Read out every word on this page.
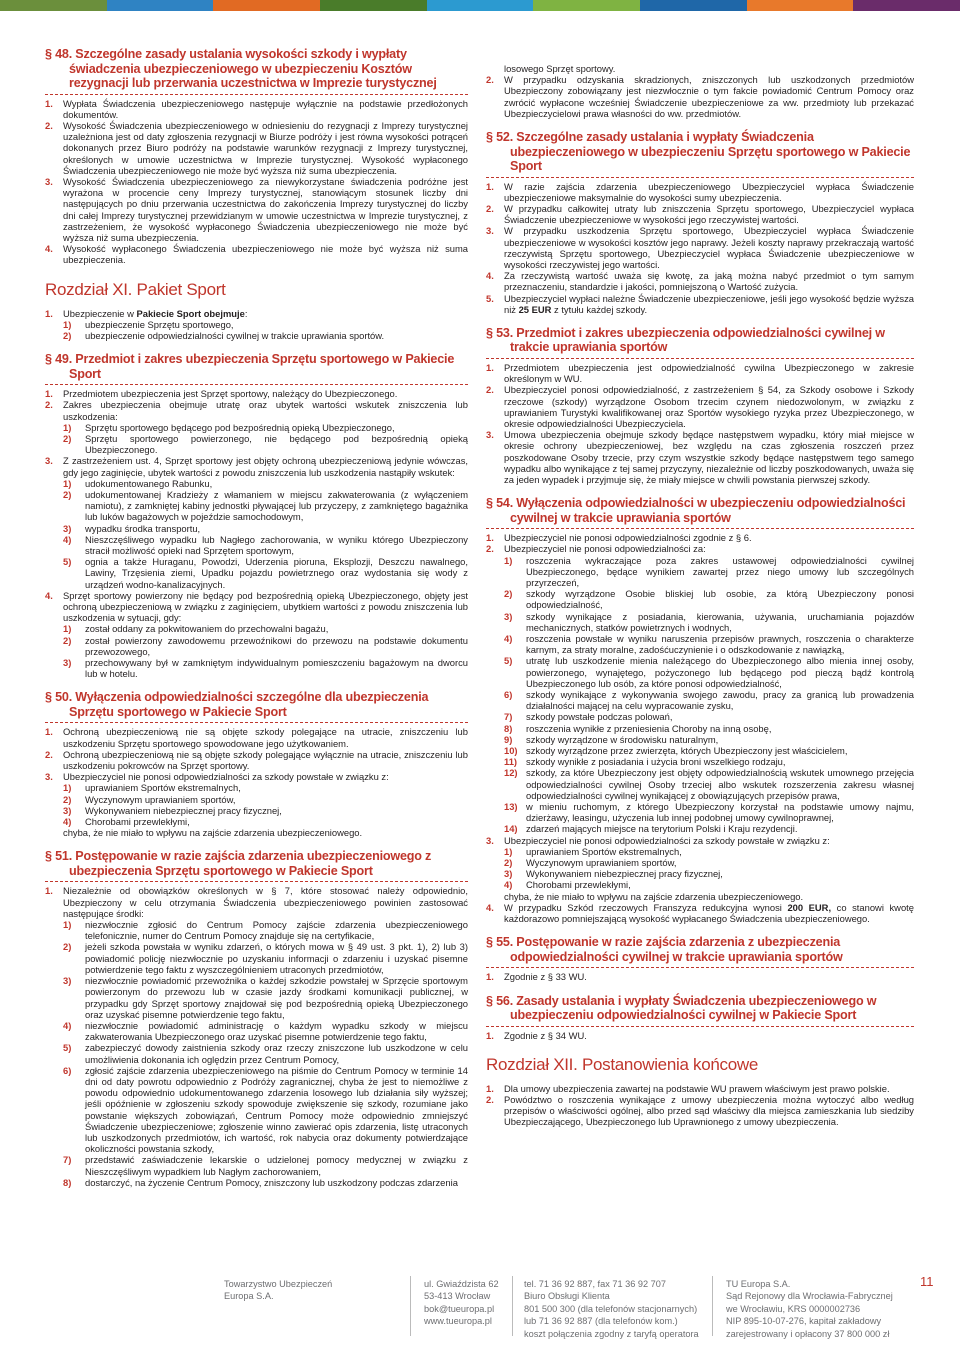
§ 48. Szczególne zasady ustalania wysokości szkody i wypłaty świadczenia ubezpieczeniowego w ubezpieczeniu Kosztów rezygnacji lub przerwania uczestnictwa w Imprezie turystycznej
1.	Wypłata Świadczenia ubezpieczeniowego następuje wyłącznie na podstawie przedłożonych dokumentów.
2.	Wysokość Świadczenia ubezpieczeniowego w odniesieniu do rezygnacji z Imprezy turystycznej uzależniona jest od daty zgłoszenia rezygnacji w Biurze podróży i jest równa wysokości potrąceń dokonanych przez Biuro podróży na podstawie warunków rezygnacji z Imprezy turystycznej, określonych w umowie uczestnictwa w Imprezie turystycznej. Wysokość wypłaconego Świadczenia ubezpieczeniowego nie może być wyższa niż suma ubezpieczenia.
3.	Wysokość Świadczenia ubezpieczeniowego za niewykorzystane świadczenia podróżne jest wyrażona w procencie ceny Imprezy turystycznej, stanowiącym stosunek liczby dni następujących po dniu przerwania uczestnictwa do zakończenia Imprezy turystycznej do liczby dni całej Imprezy turystycznej przewidzianym w umowie uczestnictwa w Imprezie turystycznej, z zastrzeżeniem, że wysokość wypłaconego Świadczenia ubezpieczeniowego nie może być wyższa niż suma ubezpieczenia.
4.	Wysokość wypłaconego Świadczenia ubezpieczeniowego nie może być wyższa niż suma ubezpieczenia.
Rozdział XI. Pakiet Sport
1.	Ubezpieczenie w Pakiecie Sport obejmuje:
1)	ubezpieczenie Sprzętu sportowego,
2)	ubezpieczenie odpowiedzialności cywilnej w trakcie uprawiania sportów.
§ 49. Przedmiot i zakres ubezpieczenia Sprzętu sportowego w Pakiecie Sport
1.	Przedmiotem ubezpieczenia jest Sprzęt sportowy, należący do Ubezpieczonego.
2.	Zakres ubezpieczenia obejmuje utratę oraz ubytek wartości wskutek zniszczenia lub uszkodzenia:
1)	Sprzętu sportowego będącego pod bezpośrednią opieką Ubezpieczonego,
2)	Sprzętu sportowego powierzonego, nie będącego pod bezpośrednią opieką Ubezpieczonego.
3.	Z zastrzeżeniem ust. 4, Sprzęt sportowy jest objęty ochroną ubezpieczeniową jedynie wówczas, gdy jego zaginięcie, ubytek wartości z powodu zniszczenia lub uszkodzenia nastąpiły wskutek:
1)	udokumentowanego Rabunku,
2)	udokumentowanej Kradzieży z włamaniem w miejscu zakwaterowania (z wyłączeniem namiotu), z zamkniętej kabiny jednostki pływającej lub przyczepy, z zamkniętego bagażnika lub luków bagażowych w pojeździe samochodowym,
3)	wypadku środka transportu,
4)	Nieszczęśliwego wypadku lub Nagłego zachorowania, w wyniku którego Ubezpieczony stracił możliwość opieki nad Sprzętem sportowym,
5)	ognia a także Huraganu, Powodzi, Uderzenia pioruna, Eksplozji, Deszczu nawalnego, Lawiny, Trzęsienia ziemi, Upadku pojazdu powietrznego oraz wydostania się wody z urządzeń wodno-kanalizacyjnych.
4.	Sprzęt sportowy powierzony nie będący pod bezpośrednią opieką Ubezpieczonego, objęty jest ochroną ubezpieczeniową w związku z zaginięciem, ubytkiem wartości z powodu zniszczenia lub uszkodzenia w sytuacji, gdy:
1)	został oddany za pokwitowaniem do przechowalni bagażu,
2)	został powierzony zawodowemu przewoźnikowi do przewozu na podstawie dokumentu przewozowego,
3)	przechowywany był w zamkniętym indywidualnym pomieszczeniu bagażowym na dworcu lub w hotelu.
§ 50. Wyłączenia odpowiedzialności szczególne dla ubezpieczenia Sprzętu sportowego w Pakiecie Sport
1.	Ochroną ubezpieczeniową nie są objęte szkody polegające na utracie, zniszczeniu lub uszkodzeniu Sprzętu sportowego spowodowane jego użytkowaniem.
2.	Ochroną ubezpieczeniową nie są objęte szkody polegające wyłącznie na utracie, zniszczeniu lub uszkodzeniu pokrowców na Sprzęt sportowy.
3.	Ubezpieczyciel nie ponosi odpowiedzialności za szkody powstałe w związku z:
1)	uprawianiem Sportów ekstremalnych,
2)	Wyczynowym uprawianiem sportów,
3)	Wykonywaniem niebezpiecznej pracy fizycznej,
4)	Chorobami przewlekłymi,
chyba, że nie miało to wpływu na zajście zdarzenia ubezpieczeniowego.
§ 51. Postępowanie w razie zajścia zdarzenia ubezpieczeniowego z ubezpieczenia Sprzętu sportowego w Pakiecie Sport
1.	Niezależnie od obowiązków określonych w § 7, które stosować należy odpowiednio, Ubezpieczony w celu otrzymania Świadczenia ubezpieczeniowego powinien zastosować następujące środki:
1)	niezwłocznie zgłosić do Centrum Pomocy zajście zdarzenia ubezpieczeniowego telefonicznie, numer do Centrum Pomocy znajduje się na certyfikacie,
2)	jeżeli szkoda powstała w wyniku zdarzeń, o których mowa w § 49 ust. 3 pkt. 1), 2) lub 3) powiadomić policję niezwłocznie po uzyskaniu informacji o zdarzeniu i uzyskać pisemne potwierdzenie tego faktu z wyszczególnieniem utraconych przedmiotów,
3)	niezwłocznie powiadomić przewoźnika o każdej szkodzie powstałej w Sprzęcie sportowym powierzonym do przewozu lub w czasie jazdy środkami komunikacji publicznej, w przypadku gdy Sprzęt sportowy znajdował się pod bezpośrednią opieką Ubezpieczonego oraz uzyskać pisemne potwierdzenie tego faktu,
4)	niezwłocznie powiadomić administrację o każdym wypadku szkody w miejscu zakwaterowania Ubezpieczonego oraz uzyskać pisemne potwierdzenie tego faktu,
5)	zabezpieczyć dowody zaistnienia szkody oraz rzeczy zniszczone lub uszkodzone w celu umożliwienia dokonania ich oględzin przez Centrum Pomocy,
6)	zgłosić zajście zdarzenia ubezpieczeniowego na piśmie do Centrum Pomocy w terminie 14 dni od daty powrotu odpowiednio z Podróży zagranicznej, chyba że jest to niemożliwe z powodu odpowiednio udokumentowanego zdarzenia losowego lub działania siły wyższej; jeśli opóźnienie w zgłoszeniu szkody spowoduje zwiększenie się szkody, rozumiane jako powstanie większych zobowiązań, Centrum Pomocy może odpowiednio zmniejszyć Świadczenie ubezpieczeniowe; zgłoszenie winno zawierać opis zdarzenia, listę utraconych lub uszkodzonych przedmiotów, ich wartość, rok nabycia oraz dokumenty potwierdzające okoliczności powstania szkody,
7)	przedstawić zaświadczenie lekarskie o udzielonej pomocy medycznej w związku z Nieszczęśliwym wypadkiem lub Nagłym zachorowaniem,
8)	dostarczyć, na życzenie Centrum Pomocy, zniszczony lub uszkodzony podczas zdarzenia
losowego Sprzęt sportowy.
2.	W przypadku odzyskania skradzionych, zniszczonych lub uszkodzonych przedmiotów Ubezpieczony zobowiązany jest niezwłocznie o tym fakcie powiadomić Centrum Pomocy oraz zwrócić wypłacone wcześniej Świadczenie ubezpieczeniowe za ww. przedmioty lub przekazać Ubezpieczycielowi prawa własności do ww. przedmiotów.
§ 52. Szczególne zasady ustalania i wypłaty Świadczenia ubezpieczeniowego w ubezpieczeniu Sprzętu sportowego w Pakiecie Sport
1.	W razie zajścia zdarzenia ubezpieczeniowego Ubezpieczyciel wypłaca Świadczenie ubezpieczeniowe maksymalnie do wysokości sumy ubezpieczenia.
2.	W przypadku całkowitej utraty lub zniszczenia Sprzętu sportowego, Ubezpieczyciel wypłaca Świadczenie ubezpieczeniowe w wysokości jego rzeczywistej wartości.
3.	W przypadku uszkodzenia Sprzętu sportowego, Ubezpieczyciel wypłaca Świadczenie ubezpieczeniowe w wysokości kosztów jego naprawy. Jeżeli koszty naprawy przekraczają wartość rzeczywistą Sprzętu sportowego, Ubezpieczyciel wypłaca Świadczenie ubezpieczeniowe w wysokości rzeczywistej jego wartości.
4.	Za rzeczywistą wartość uważa się kwotę, za jaką można nabyć przedmiot o tym samym przeznaczeniu, standardzie i jakości, pomniejszoną o Wartość zużycia.
5.	Ubezpieczyciel wypłaci należne Świadczenie ubezpieczeniowe, jeśli jego wysokość będzie wyższa niż 25 EUR z tytułu każdej szkody.
§ 53. Przedmiot i zakres ubezpieczenia odpowiedzialności cywilnej w trakcie uprawiania sportów
1.	Przedmiotem ubezpieczenia jest odpowiedzialność cywilna Ubezpieczonego w zakresie określonym w WU.
2.	Ubezpieczyciel ponosi odpowiedzialność, z zastrzeżeniem § 54, za Szkody osobowe i Szkody rzeczowe (szkody) wyrządzone Osobom trzecim czynem niedozwolonym, w związku z uprawianiem Turystyki kwalifikowanej oraz Sportów wysokiego ryzyka przez Ubezpieczonego, w okresie odpowiedzialności Ubezpieczyciela.
3.	Umowa ubezpieczenia obejmuje szkody będące następstwem wypadku, który miał miejsce w okresie ochrony ubezpieczeniowej, bez względu na czas zgłoszenia roszczeń przez poszkodowane Osoby trzecie, przy czym wszystkie szkody będące następstwem tego samego wypadku albo wynikające z tej samej przyczyny, niezależnie od liczby poszkodowanych, uważa się za jeden wypadek i przyjmuje się, że miały miejsce w chwili powstania pierwszej szkody.
§ 54. Wyłączenia odpowiedzialności w ubezpieczeniu odpowiedzialności cywilnej w trakcie uprawiania sportów
1.	Ubezpieczyciel nie ponosi odpowiedzialności zgodnie z § 6.
2.	Ubezpieczyciel nie ponosi odpowiedzialności za:
1)	roszczenia wykraczające poza zakres ustawowej odpowiedzialności cywilnej Ubezpieczonego, będące wynikiem zawartej przez niego umowy lub szczególnych przyrzeczeń,
2)	szkody wyrządzone Osobie bliskiej lub osobie, za którą Ubezpieczony ponosi odpowiedzialność,
3)	szkody wynikające z posiadania, kierowania, używania, uruchamiania pojazdów mechanicznych, statków powietrznych i wodnych,
4)	roszczenia powstałe w wyniku naruszenia przepisów prawnych, roszczenia o charakterze karnym, za straty moralne, zadośćuczynienie i o odszkodowanie z nawiązką,
5)	utratę lub uszkodzenie mienia należącego do Ubezpieczonego albo mienia innej osoby, powierzonego, wynajętego, pożyczonego lub będącego pod pieczą bądź kontrolą Ubezpieczonego lub osób, za które ponosi odpowiedzialność,
6)	szkody wynikające z wykonywania swojego zawodu, pracy za granicą lub prowadzenia działalności mającej na celu wypracowanie zysku,
7)	szkody powstałe podczas polowań,
8)	roszczenia wynikłe z przeniesienia Choroby na inną osobę,
9)	szkody wyrządzone w środowisku naturalnym,
10) szkody wyrządzone przez zwierzęta, których Ubezpieczony jest właścicielem,
11) szkody wynikłe z posiadania i użycia broni wszelkiego rodzaju,
12) szkody, za które Ubezpieczony jest objęty odpowiedzialnością wskutek umownego przejęcia odpowiedzialności cywilnej Osoby trzeciej albo wskutek rozszerzenia zakresu własnej odpowiedzialności cywilnej wynikającej z obowiązujących przepisów prawa,
13) w mieniu ruchomym, z którego Ubezpieczony korzystał na podstawie umowy najmu, dzierżawy, leasingu, użyczenia lub innej podobnej umowy cywilnoprawnej,
14) zdarzeń mających miejsce na terytorium Polski i Kraju rezydencji.
3.	Ubezpieczyciel nie ponosi odpowiedzialności za szkody powstałe w związku z:
1)	uprawianiem Sportów ekstremalnych,
2)	Wyczynowym uprawianiem sportów,
3)	Wykonywaniem niebezpiecznej pracy fizycznej,
4)	Chorobami przewlekłymi,
chyba, że nie miało to wpływu na zajście zdarzenia ubezpieczeniowego.
4.	W przypadku Szkód rzeczowych Franszyza redukcyjna wynosi 200 EUR, co stanowi kwotę każdorazowo pomniejszającą wysokość wypłacanego Świadczenia ubezpieczeniowego.
§ 55. Postępowanie w razie zajścia zdarzenia z ubezpieczenia odpowiedzialności cywilnej w trakcie uprawiania sportów
1.	Zgodnie z § 33 WU.
§ 56. Zasady ustalania i wypłaty Świadczenia ubezpieczeniowego w ubezpieczeniu odpowiedzialności cywilnej w Pakiecie Sport
1.	Zgodnie z § 34 WU.
Rozdział XII. Postanowienia końcowe
1.	Dla umowy ubezpieczenia zawartej na podstawie WU prawem właściwym jest prawo polskie.
2.	Powództwo o roszczenia wynikające z umowy ubezpieczenia można wytoczyć albo według przepisów o właściwości ogólnej, albo przed sąd właściwy dla miejsca zamieszkania lub siedziby Ubezpieczającego, Ubezpieczonego lub Uprawnionego z umowy ubezpieczenia.
Towarzystwo Ubezpieczeń
Europa S.A.
ul. Gwiaździsta 62
53-413 Wrocław
bok@tueuropa.pl
www.tueuropa.pl
tel. 71 36 92 887, fax 71 36 92 707
Biuro Obsługi Klienta
801 500 300 (dla telefonów stacjonarnych)
lub 71 36 92 887 (dla telefonów kom.)
koszt połączenia zgodny z taryfą operatora
TU Europa S.A.
Sąd Rejonowy dla Wrocławia-Fabrycznej
we Wrocławiu, KRS 0000002736
NIP 895-10-07-276, kapitał zakładowy
zarejestrowany i opłacony 37 800 000 zł
11
